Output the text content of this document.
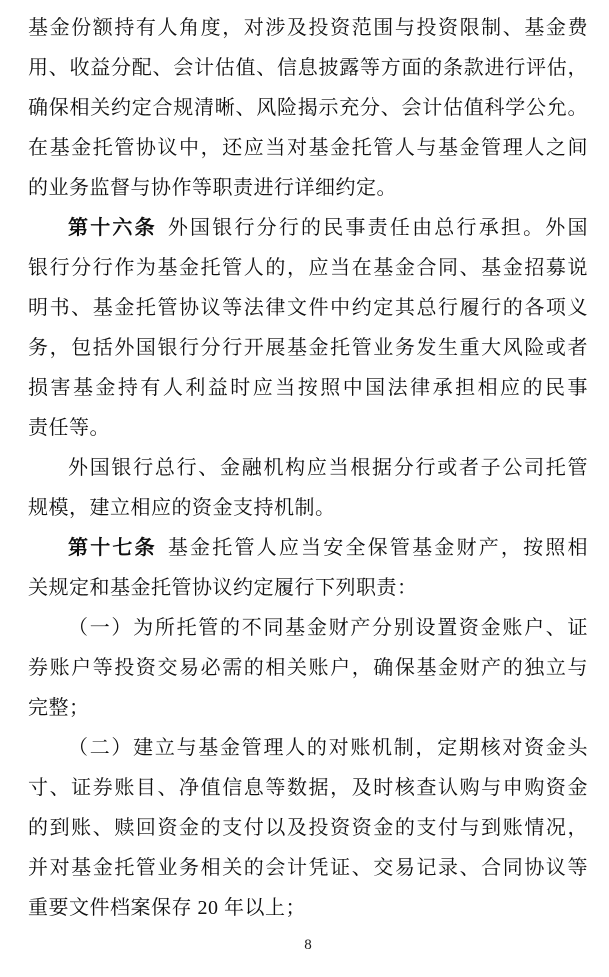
基金份额持有人角度，对涉及投资范围与投资限制、基金费
用、收益分配、会计估值、信息披露等方面的条款进行评估，
确保相关约定合规清晰、风险揭示充分、会计估值科学公允。
在基金托管协议中，还应当对基金托管人与基金管理人之间
的业务监督与协作等职责进行详细约定。
第十六条 外国银行分行的民事责任由总行承担。外国
银行分行作为基金托管人的，应当在基金合同、基金招募说
明书、基金托管协议等法律文件中约定其总行履行的各项义
务，包括外国银行分行开展基金托管业务发生重大风险或者
损害基金持有人利益时应当按照中国法律承担相应的民事
责任等。
外国银行总行、金融机构应当根据分行或者子公司托管
规模，建立相应的资金支持机制。
第十七条 基金托管人应当安全保管基金财产，按照相
关规定和基金托管协议约定履行下列职责：
（一）为所托管的不同基金财产分别设置资金账户、证
券账户等投资交易必需的相关账户，确保基金财产的独立与
完整；
（二）建立与基金管理人的对账机制，定期核对资金头
寸、证券账目、净值信息等数据，及时核查认购与申购资金
的到账、赎回资金的支付以及投资资金的支付与到账情况，
并对基金托管业务相关的会计凭证、交易记录、合同协议等
重要文件档案保存 20 年以上；
8
